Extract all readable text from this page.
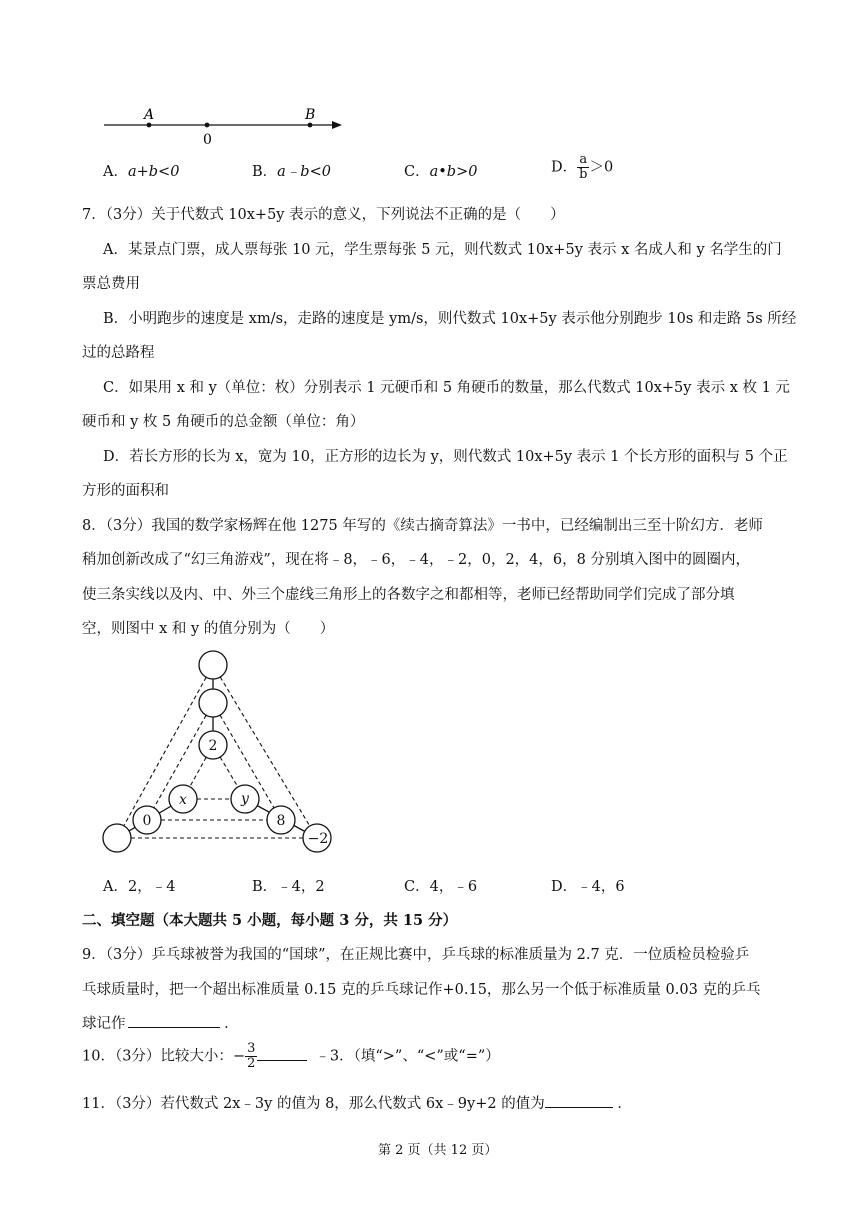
A
0
B
A．a+b<0	B．a﹣b<0	C．a•b>0	D． $\frac{a}{b} >0$
7．（3分）关于代数式 10x+5y 表示的意义，下列说法不正确的是（　　）
A．某景点门票，成人票每张 10 元，学生票每张 5 元，则代数式 10x+5y 表示 x 名成人和 y 名学生的门
票总费用
B．小明跑步的速度是 xm/s，走路的速度是 ym/s，则代数式 10x+5y 表示他分别跑步 10s 和走路 5s 所经
过的总路程
C．如果用 x 和 y（单位：枚）分别表示 1 元硬币和 5 角硬币的数量，那么代数式 10x+5y 表示 x 枚 1 元
硬币和 y 枚 5 角硬币的总金额（单位：角）
D．若长方形的长为 x，宽为 10，正方形的边长为 y，则代数式 10x+5y 表示 1 个长方形的面积与 5 个正
方形的面积和
8．（3分）我国的数学家杨辉在他 1275 年写的《续古摘奇算法》一书中，已经编制出三至十阶幻方．老师
稍加创新改成了“幻三角游戏”，现在将﹣8，﹣6，﹣4，﹣2，0，2，4，6，8 分别填入图中的圆圈内，
使三条实线以及内、中、外三个虚线三角形上的各数字之和都相等，老师已经帮助同学们完成了部分填
空，则图中 x 和 y 的值分别为（　　）
2
x	y
0	8
−2
A．2，﹣4	B．﹣4，2	C．4，﹣6	D．﹣4，6
二、填空题（本大题共 5 小题，每小题 3 分，共 15 分）
9．（3分）乒乓球被誉为我国的“国球”，在正规比赛中，乒乓球的标准质量为 2.7 克．一位质检员检验乒
乓球质量时，把一个超出标准质量 0.15 克的乒乓球记作+0.15，那么另一个低于标准质量 0.03 克的乒乓
球记作	．
10．（3分）比较大小：− $\frac{3}{2}$	﹣3．（填“>”、“<”或“=”）
11．（3分）若代数式 2x﹣3y 的值为 8，那么代数式 6x﹣9y+2 的值为	．
第 2 页（共 12 页）
